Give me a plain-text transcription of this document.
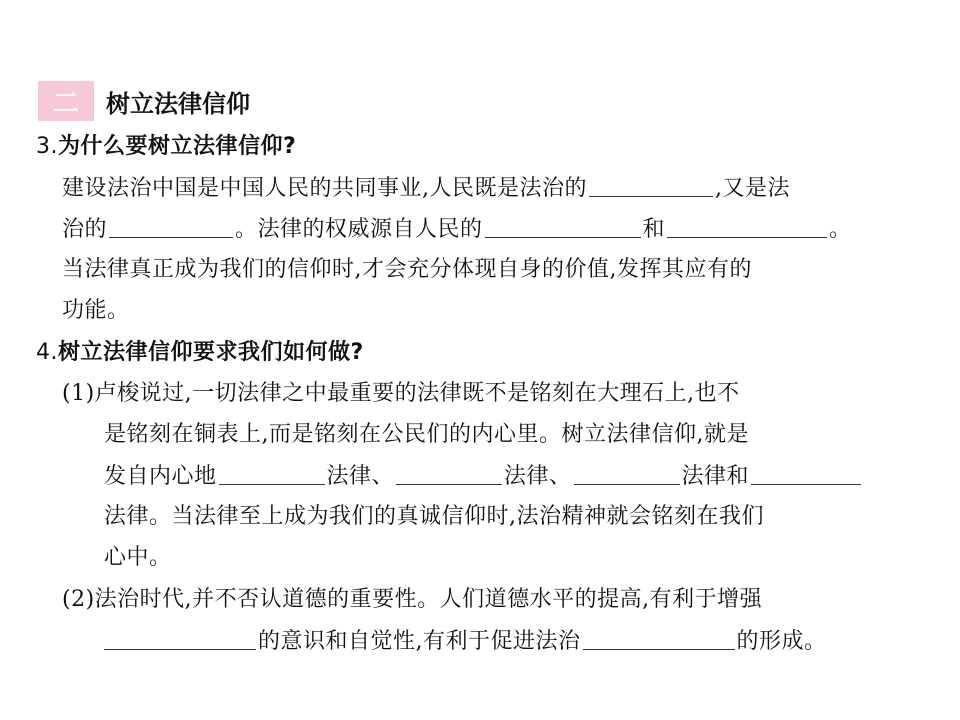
二	树立法律信仰
3.为什么要树立法律信仰?
建设法治中国是中国人民的共同事业,人民既是法治的	,又是法
治的	。法律的权威源自人民的	和	。
当法律真正成为我们的信仰时,才会充分体现自身的价值,发挥其应有的
功能。
4.树立法律信仰要求我们如何做?
(1)卢梭说过,一切法律之中最重要的法律既不是铭刻在大理石上,也不
是铭刻在铜表上,而是铭刻在公民们的内心里。树立法律信仰,就是
发自内心地	法律、	法律、	法律和
法律。当法律至上成为我们的真诚信仰时,法治精神就会铭刻在我们
心中。
(2)法治时代,并不否认道德的重要性。人们道德水平的提高,有利于增强
的意识和自觉性,有利于促进法治	的形成。
